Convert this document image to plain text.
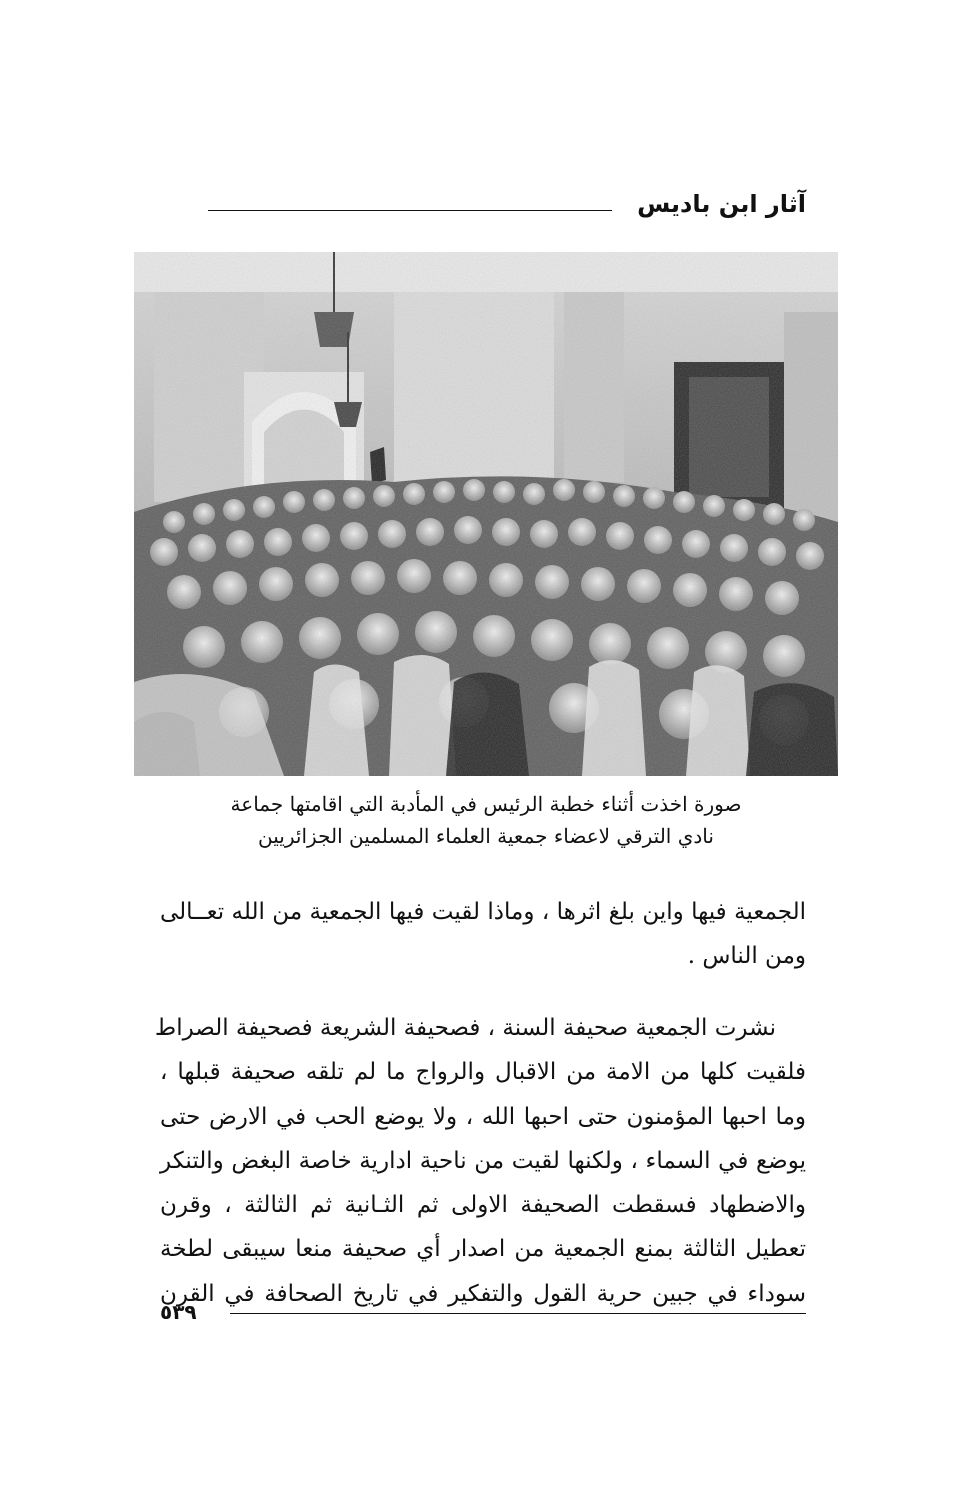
آثار ابن باديس
صورة اخذت أثناء خطبة الرئيس في المأدبة التي اقامتها جماعة
نادي الترقي لاعضاء جمعية العلماء المسلمين الجزائريين

الجمعية فيها واين بلغ اثرها ، وماذا لقيت فيها الجمعية من الله تعــالى
ومن الناس .

نشرت الجمعية صحيفة السنة ، فصحيفة الشريعة فصحيفة الصراط
فلقيت كلها من الامة من الاقبال والرواج ما لم تلقه صحيفة قبلها ،
وما احبها المؤمنون حتى احبها الله ، ولا يوضع الحب في الارض حتى
يوضع في السماء ، ولكنها لقيت من ناحية ادارية خاصة البغض والتنكر
والاضطهاد فسقطت الصحيفة الاولى ثم الثـانية ثم الثالثة ، وقرن
تعطيل الثالثة بمنع الجمعية من اصدار أي صحيفة منعا سيبقى لطخة
سوداء في جبين حرية القول والتفكير في تاريخ الصحافة في القرن

٥٣٩
